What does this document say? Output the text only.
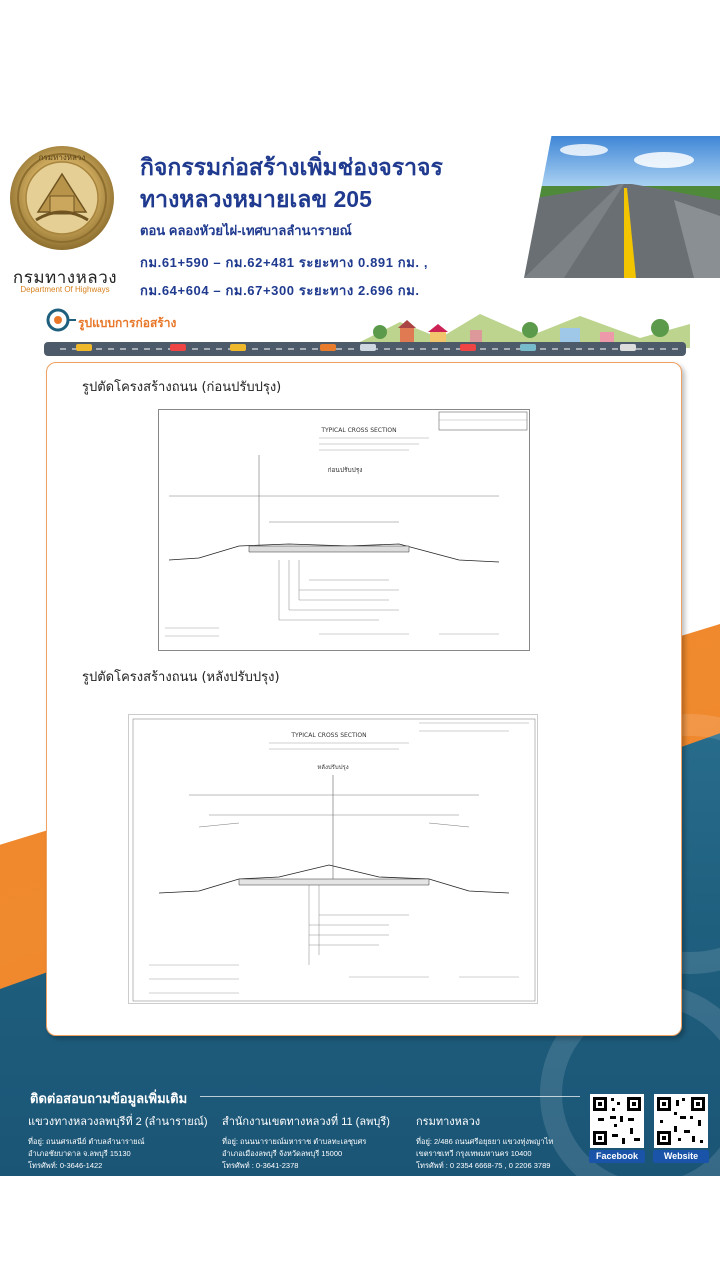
กรมทางหลวง
กรมทางหลวง
Department Of Highways
กิจกรรมก่อสร้างเพิ่มช่องจราจร
ทางหลวงหมายเลข 205
ตอน คลองหัวยไผ่-เทศบาลลำนารายณ์
กม.61+590 – กม.62+481 ระยะทาง 0.891 กม. ,
กม.64+604 – กม.67+300 ระยะทาง 2.696 กม.
รูปแบบการก่อสร้าง
รูปตัดโครงสร้างถนน (ก่อนปรับปรุง)
รูปตัดโครงสร้างถนน (หลังปรับปรุง)
TYPICAL CROSS SECTION
ก่อนปรับปรุง
TYPICAL CROSS SECTION
หลังปรับปรุง
ติดต่อสอบถามข้อมูลเพิ่มเติม
แขวงทางหลวงลพบุรีที่ 2 (ลำนารายณ์)
ที่อยู่: ถนนศรเสนีย์ ตำบลลำนารายณ์
อำเภอชัยบาดาล จ.ลพบุรี 15130
โทรศัพท์: 0-3646-1422
สำนักงานเขตทางหลวงที่ 11 (ลพบุรี)
ที่อยู่: ถนนนารายณ์มหาราช ตำบลทะเลชุบศร
อำเภอเมืองลพบุรี จังหวัดลพบุรี 15000
โทรศัพท์ : 0-3641-2378
กรมทางหลวง
ที่อยู่: 2/486 ถนนศรีอยุธยา แขวงทุ่งพญาไท
เขตราชเทวี กรุงเทพมหานคร 10400
โทรศัพท์ : 0 2354 6668-75 , 0 2206 3789
Facebook	Website
